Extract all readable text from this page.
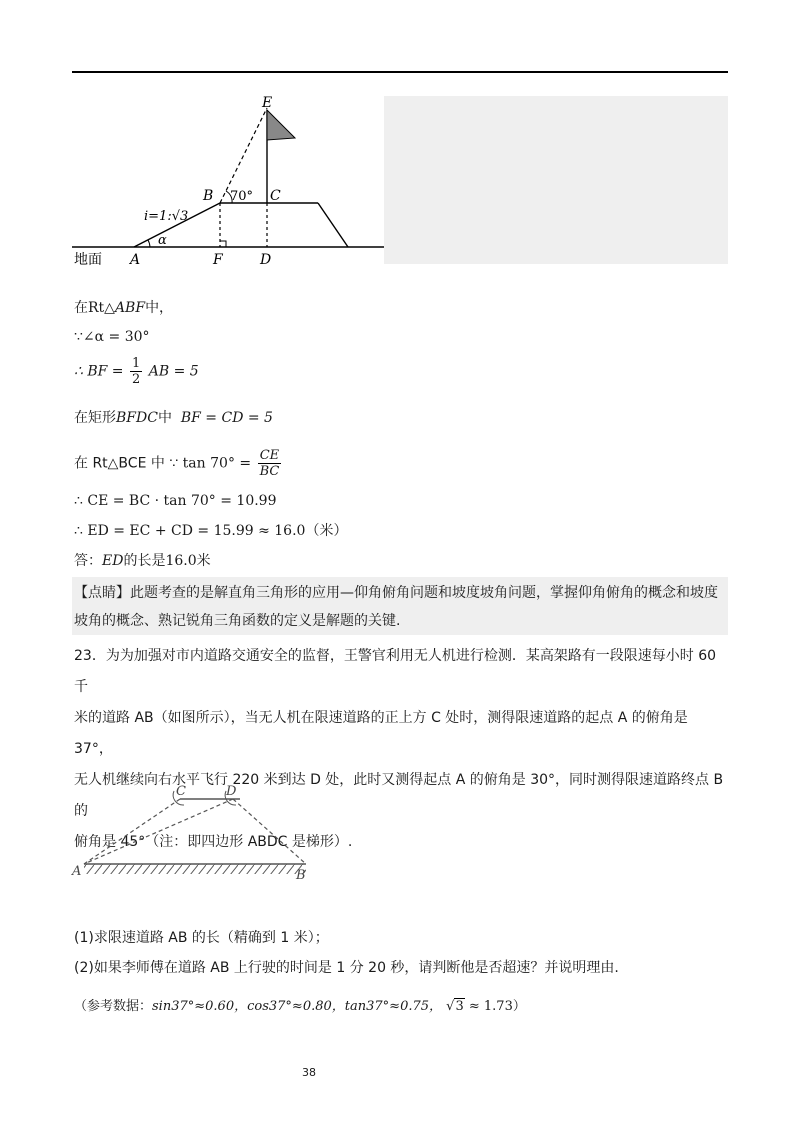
E
B 70° C
i=1:√3
α
地面 A	F	D
在Rt△ABF中，
∵∠α = 30°
∴ BF = $\frac{1}{2}$ AB = 5
在矩形BFDC中 BF = CD = 5
在 Rt△BCE 中 ∵ $\tan 70^\circ = \frac{CE}{BC}$
∴ CE = BC · tan 70° = 10.99
∴ ED = EC + CD = 15.99 ≈ 16.0（米）
答：ED的长是16.0米

【点睛】此题考查的是解直角三角形的应用—仰角俯角问题和坡度坡角问题，掌握仰角俯角的概念和坡度

坡角的概念、熟记锐角三角函数的定义是解题的关键.

23．为为加强对市内道路交通安全的监督，王警官利用无人机进行检测．某高架路有一段限速每小时 60 千

米的道路 AB（如图所示），当无人机在限速道路的正上方 C 处时，测得限速道路的起点 A 的俯角是 37°，

无人机继续向右水平飞行 220 米到达 D 处，此时又测得起点 A 的俯角是 30°，同时测得限速道路终点 B 的

俯角是 45°（注：即四边形 ABDC 是梯形）.

C	D
A	B
(1)求限速道路 AB 的长（精确到 1 米）；
(2)如果李师傅在道路 AB 上行驶的时间是 1 分 20 秒，请判断他是否超速？并说明理由.
（参考数据：sin37°≈0.60，cos37°≈0.80，tan37°≈0.75， √3 ≈ 1.73）
38
